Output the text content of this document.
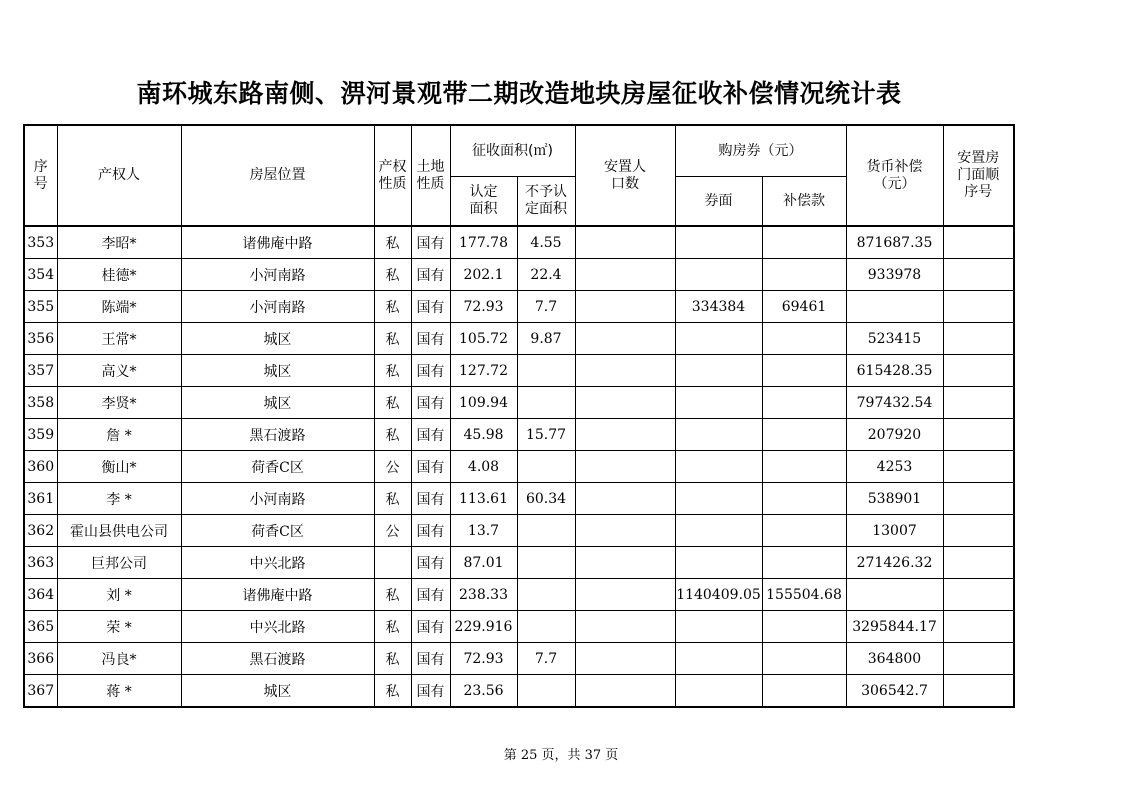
南环城东路南侧、淠河景观带二期改造地块房屋征收补偿情况统计表
序号	产权人	房屋位置	产权性质	土地性质	征收面积(㎡)		安置人口数	购房券（元）		货币补偿（元）	安置房门面顺序号
					认定面积	不予认定面积		券面	补偿款		
353	李昭*	诸佛庵中路	私	国有	177.78	4.55				871687.35	
354	桂德*	小河南路	私	国有	202.1	22.4				933978	
355	陈端*	小河南路	私	国有	72.93	7.7		334384	69461		
356	王常*	城区	私	国有	105.72	9.87				523415	
357	高义*	城区	私	国有	127.72					615428.35	
358	李贤*	城区	私	国有	109.94					797432.54	
359	詹 *	黑石渡路	私	国有	45.98	15.77				207920	
360	衡山*	荷香C区	公	国有	4.08					4253	
361	李 *	小河南路	私	国有	113.61	60.34				538901	
362	霍山县供电公司	荷香C区	公	国有	13.7					13007	
363	巨邦公司	中兴北路		国有	87.01					271426.32	
364	刘 *	诸佛庵中路	私	国有	238.33			1140409.05	155504.68		
365	荣 *	中兴北路	私	国有	229.916					3295844.17	
366	冯良*	黑石渡路	私	国有	72.93	7.7				364800	
367	蒋 *	城区	私	国有	23.56					306542.7	
第 25 页，共 37 页
